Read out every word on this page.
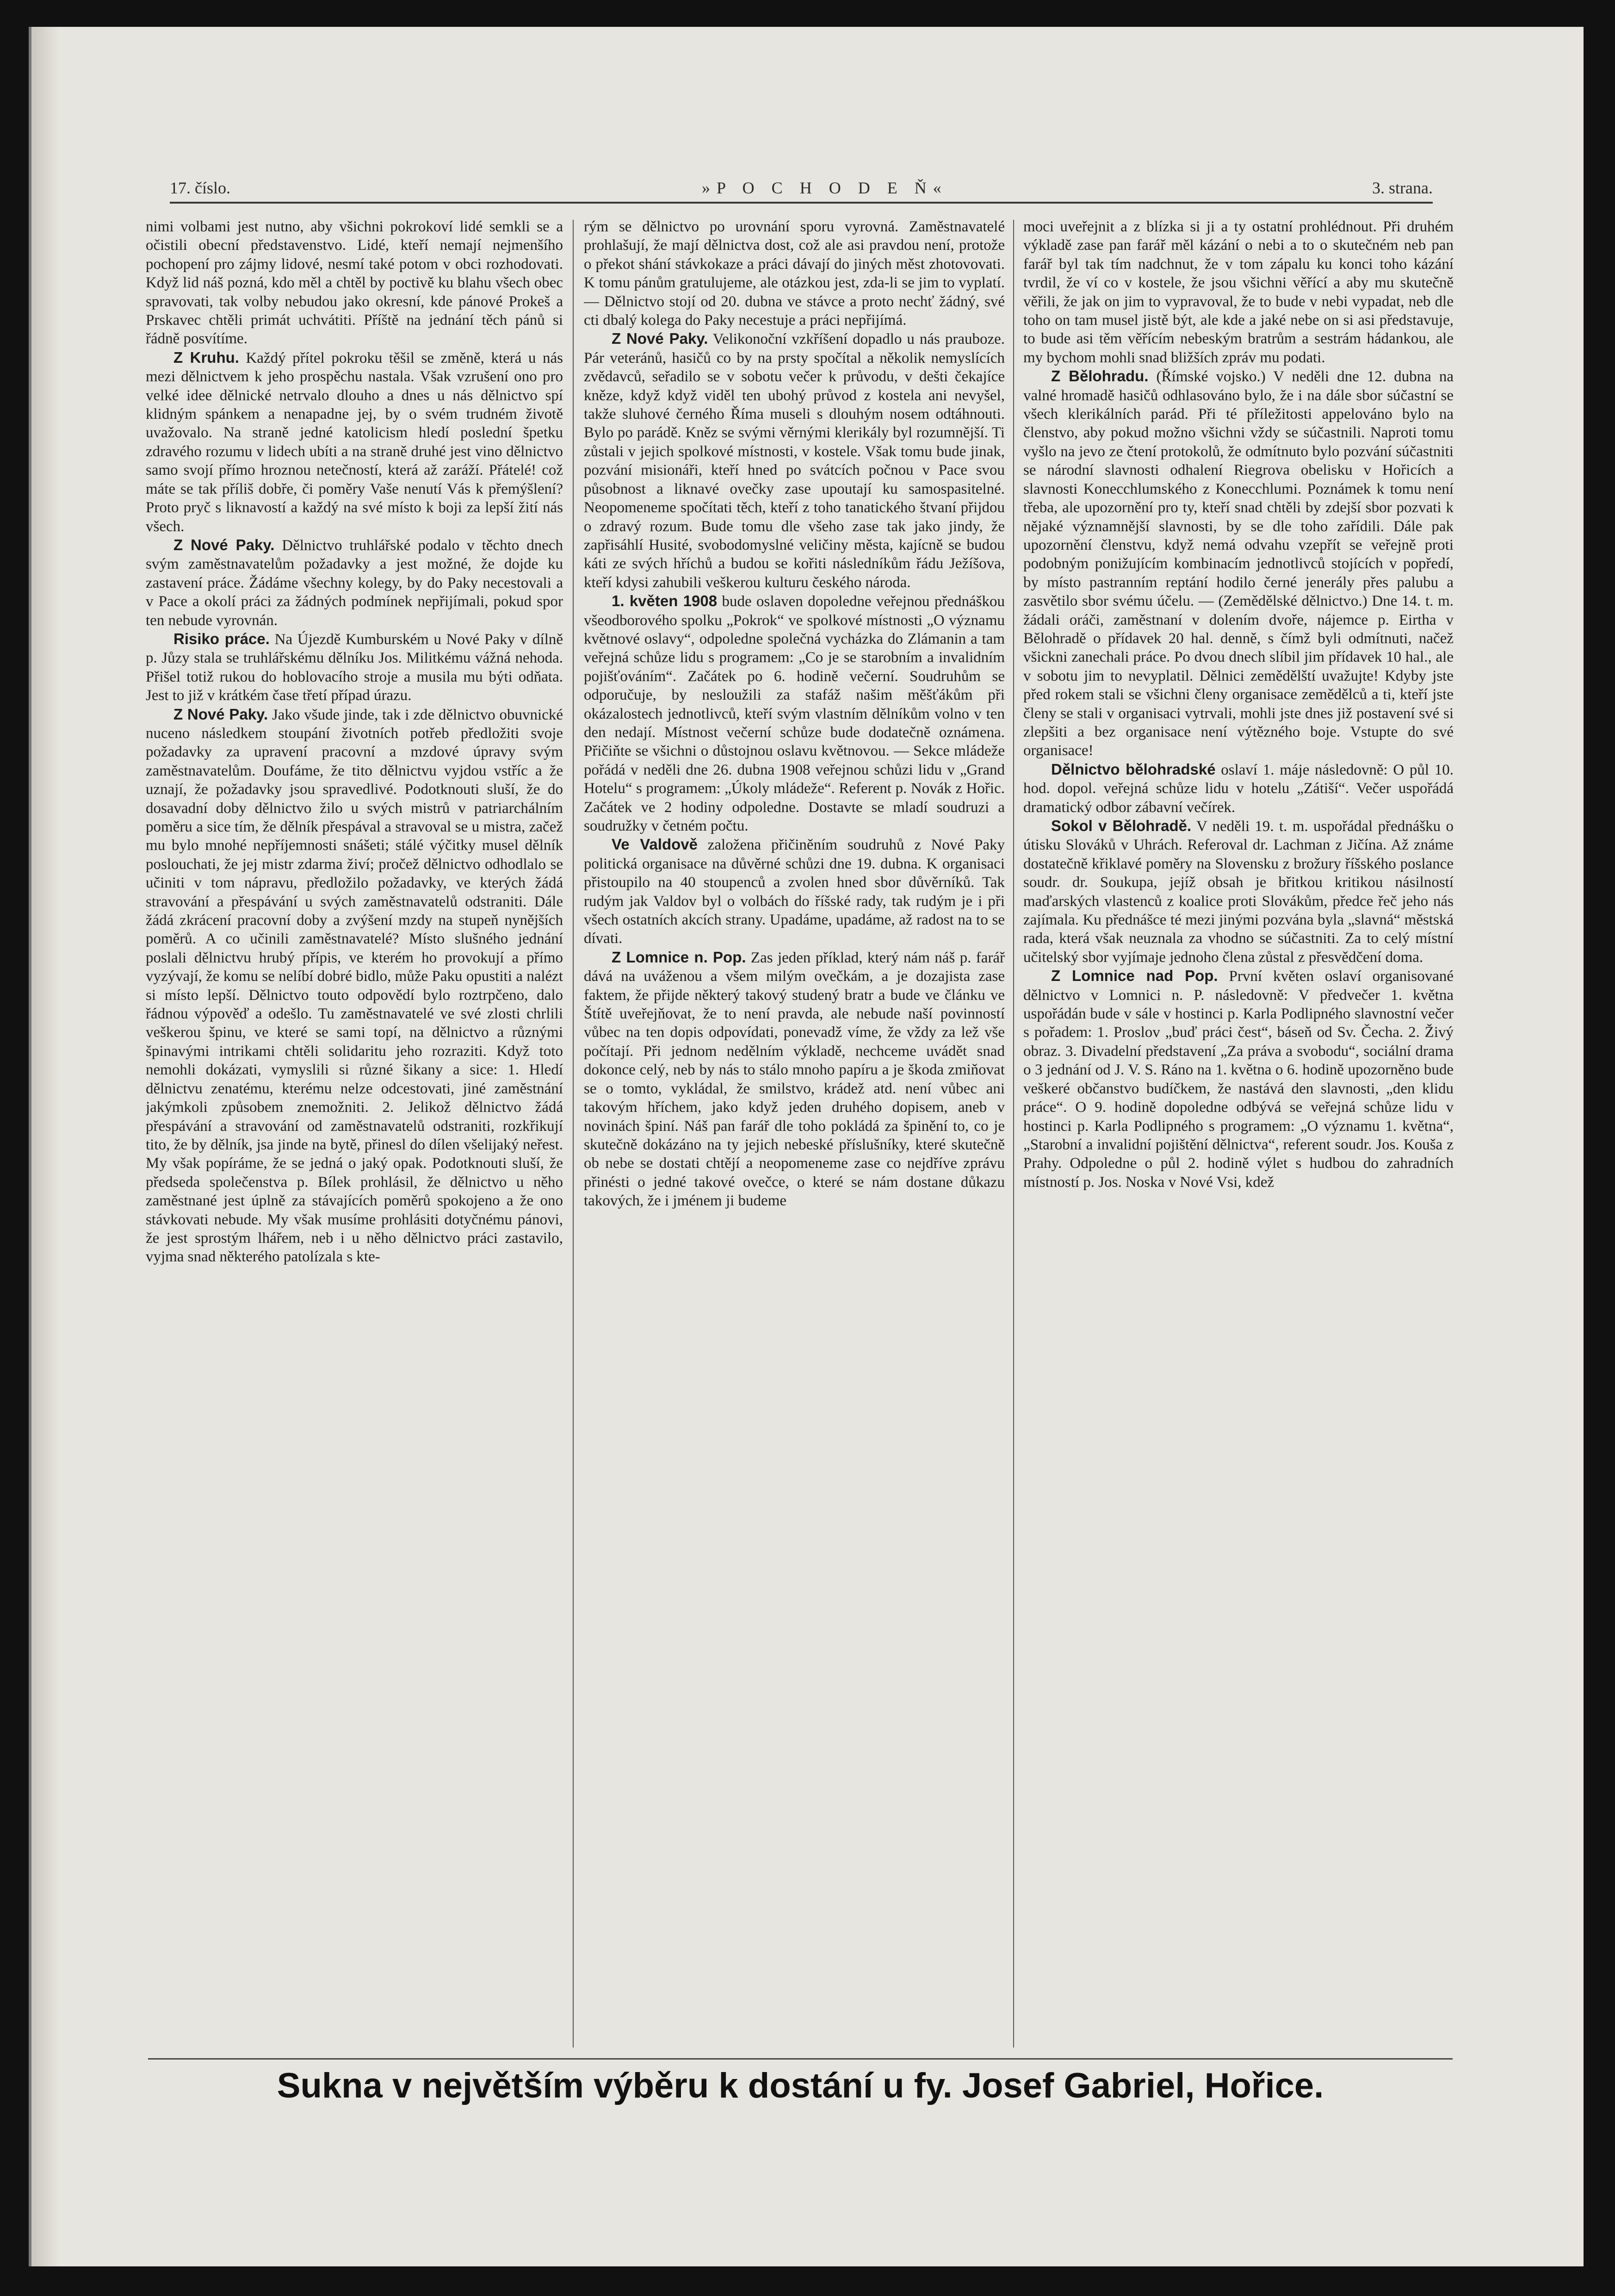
17. číslo.	»P O C H O D E Ň«	3. strana.

nimi volbami jest nutno, aby všichni pokrokoví lidé semkli se a očistili obecní představenstvo. Lidé, kteří nemají nejmenšího pochopení pro zájmy lidové, nesmí také potom v obci rozhodovati. Když lid náš pozná, kdo měl a chtěl by poctivě ku blahu všech obec spravovati, tak volby nebudou jako okresní, kde pánové Prokeš a Prskavec chtěli primát uchvátiti. Příště na jednání těch pánů si řádně posvítíme.

Z Kruhu. Každý přítel pokroku těšil se změně, která u nás mezi dělnictvem k jeho prospěchu nastala. Však vzrušení ono pro velké idee dělnické netrvalo dlouho a dnes u nás dělnictvo spí klidným spánkem a nenapadne jej, by o svém trudném životě uvažovalo. Na straně jedné katolicism hledí poslední špetku zdravého rozumu v lidech ubíti a na straně druhé jest vino dělnictvo samo svojí přímo hroznou netečností, která až zaráží. Přátelé! což máte se tak příliš dobře, či poměry Vaše nenutí Vás k přemýšlení? Proto pryč s liknavostí a každý na své místo k boji za lepší žití nás všech.

Z Nové Paky. Dělnictvo truhlářské podalo v těchto dnech svým zaměstnavatelům požadavky a jest možné, že dojde ku zastavení práce. Žádáme všechny kolegy, by do Paky necestovali a v Pace a okolí práci za žádných podmínek nepřijímali, pokud spor ten nebude vyrovnán.

Risiko práce. Na Újezdě Kumburském u Nové Paky v dílně p. Jůzy stala se truhlářskému dělníku Jos. Militkému vážná nehoda. Přišel totiž rukou do hoblovacího stroje a musila mu býti odňata. Jest to již v krátkém čase třetí případ úrazu.

Z Nové Paky. Jako všude jinde, tak i zde dělnictvo obuvnické nuceno následkem stoupání životních potřeb předložiti svoje požadavky za upravení pracovní a mzdové úpravy svým zaměstnavatelům. Doufáme, že tito dělnictvu vyjdou vstříc a že uznají, že požadavky jsou spravedlivé. Podotknouti sluší, že do dosavadní doby dělnictvo žilo u svých mistrů v patriarchálním poměru a sice tím, že dělník přespával a stravoval se u mistra, začež mu bylo mnohé nepříjemnosti snášeti; stálé výčitky musel dělník poslouchati, že jej mistr zdarma živí; pročež dělnictvo odhodlalo se učiniti v tom nápravu, předložilo požadavky, ve kterých žádá stravování a přespávání u svých zaměstnavatelů odstraniti. Dále žádá zkrácení pracovní doby a zvýšení mzdy na stupeň nynějších poměrů. A co učinili zaměstnavatelé? Místo slušného jednání poslali dělnictvu hrubý přípis, ve kterém ho provokují a přímo vyzývají, že komu se nelíbí dobré bidlo, může Paku opustiti a nalézt si místo lepší. Dělnictvo touto odpovědí bylo roztrpčeno, dalo řádnou výpověď a odešlo. Tu zaměstnavatelé ve své zlosti chrlili veškerou špinu, ve které se sami topí, na dělnictvo a různými špinavými intrikami chtěli solidaritu jeho rozraziti. Když toto nemohli dokázati, vymyslili si různé šikany a sice: 1. Hledí dělnictvu zenatému, kterému nelze odcestovati, jiné zaměstnání jakýmkoli způsobem znemožniti. 2. Jelikož dělnictvo žádá přespávání a stravování od zaměstnavatelů odstraniti, rozkřikují tito, že by dělník, jsa jinde na bytě, přinesl do dílen všelijaký neřest. My však popíráme, že se jedná o jaký opak. Podotknouti sluší, že předseda společenstva p. Bílek prohlásil, že dělnictvo u něho zaměstnané jest úplně za stávajících poměrů spokojeno a že ono stávkovati nebude. My však musíme prohlásiti dotyčnému pánovi, že jest sprostým lhářem, neb i u něho dělnictvo práci zastavilo, vyjma snad některého patolízala s kte-

rým se dělnictvo po urovnání sporu vyrovná. Zaměstnavatelé prohlašují, že mají dělnictva dost, což ale asi pravdou není, protože o překot shání stávkokaze a práci dávají do jiných měst zhotovovati. K tomu pánům gratulujeme, ale otázkou jest, zda-li se jim to vyplatí. — Dělnictvo stojí od 20. dubna ve stávce a proto nechť žádný, své cti dbalý kolega do Paky necestuje a práci nepřijímá.

Z Nové Paky. Velikonoční vzkříšení dopadlo u nás prauboze. Pár veteránů, hasičů co by na prsty spočítal a několik nemyslících zvědavců, seřadilo se v sobotu večer k průvodu, v dešti čekajíce kněze, když když viděl ten ubohý průvod z kostela ani nevyšel, takže sluhové černého Říma museli s dlouhým nosem odtáhnouti. Bylo po parádě. Kněz se svými věrnými klerikály byl rozumnější. Ti zůstali v jejich spolkové místnosti, v kostele. Však tomu bude jinak, pozvání misionáři, kteří hned po svátcích počnou v Pace svou působnost a liknavé ovečky zase upoutají ku samospasitelné. Neopomeneme spočítati těch, kteří z toho tanatického štvaní přijdou o zdravý rozum. Bude tomu dle všeho zase tak jako jindy, že zapřisáhlí Husité, svobodomyslné veličiny města, kajícně se budou káti ze svých hříchů a budou se kořiti následníkům řádu Ježíšova, kteří kdysi zahubili veškerou kulturu českého národa.

1. květen 1908 bude oslaven dopoledne veřejnou přednáškou všeodborového spolku „Pokrok“ ve spolkové místnosti „O významu květnové oslavy“, odpoledne společná vycházka do Zlámanin a tam veřejná schůze lidu s programem: „Co je se starobním a invalidním pojišťováním“. Začátek po 6. hodině večerní. Soudruhům se odporučuje, by nesloužili za stafáž našim měšťákům při okázalostech jednotlivců, kteří svým vlastním dělníkům volno v ten den nedají. Místnost večerní schůze bude dodatečně oznámena. Přičiňte se všichni o důstojnou oslavu květnovou. — Sekce mládeže pořádá v neděli dne 26. dubna 1908 veřejnou schůzi lidu v „Grand Hotelu“ s programem: „Úkoly mládeže“. Referent p. Novák z Hořic. Začátek ve 2 hodiny odpoledne. Dostavte se mladí soudruzi a soudružky v četném počtu.

Ve Valdově založena přičiněním soudruhů z Nové Paky politická organisace na důvěrné schůzi dne 19. dubna. K organisaci přistoupilo na 40 stoupenců a zvolen hned sbor důvěrníků. Tak rudým jak Valdov byl o volbách do říšské rady, tak rudým je i při všech ostatních akcích strany. Upadáme, upadáme, až radost na to se dívati.

Z Lomnice n. Pop. Zas jeden příklad, který nám náš p. farář dává na uváženou a všem milým ovečkám, a je dozajista zase faktem, že přijde některý takový studený bratr a bude ve článku ve Štítě uveřejňovat, že to není pravda, ale nebude naší povinností vůbec na ten dopis odpovídati, ponevadž víme, že vždy za lež vše počítají. Při jednom nedělním výkladě, nechceme uvádět snad dokonce celý, neb by nás to stálo mnoho papíru a je škoda zmiňovat se o tomto, vykládal, že smilstvo, krádež atd. není vůbec ani takovým hříchem, jako když jeden druhého dopisem, aneb v novinách špiní. Náš pan farář dle toho pokládá za špinění to, co je skutečně dokázáno na ty jejich nebeské příslušníky, které skutečně ob nebe se dostati chtějí a neopomeneme zase co nejdříve zprávu přinésti o jedné takové ovečce, o které se nám dostane důkazu takových, že i jménem ji budeme

moci uveřejnit a z blízka si ji a ty ostatní prohlédnout. Při druhém výkladě zase pan farář měl kázání o nebi a to o skutečném neb pan farář byl tak tím nadchnut, že v tom zápalu ku konci toho kázání tvrdil, že ví co v kostele, že jsou všichni věřící a aby mu skutečně věřili, že jak on jim to vypravoval, že to bude v nebi vypadat, neb dle toho on tam musel jistě být, ale kde a jaké nebe on si asi představuje, to bude asi těm věřícím nebeským bratrům a sestrám hádankou, ale my bychom mohli snad bližších zpráv mu podati.

Z Bělohradu. (Římské vojsko.) V neděli dne 12. dubna na valné hromadě hasičů odhlasováno bylo, že i na dále sbor súčastní se všech klerikálních parád. Při té příležitosti appelováno bylo na členstvo, aby pokud možno všichni vždy se súčastnili. Naproti tomu vyšlo na jevo ze čtení protokolů, že odmítnuto bylo pozvání súčastniti se národní slavnosti odhalení Riegrova obelisku v Hořicích a slavnosti Konecchlumského z Konecchlumi. Poznámek k tomu není třeba, ale upozornění pro ty, kteří snad chtěli by zdejší sbor pozvati k nějaké významnější slavnosti, by se dle toho zařídili. Dále pak upozornění členstvu, když nemá odvahu vzepřít se veřejně proti podobným ponižujícím kombinacím jednotlivců stojících v popředí, by místo pastranním reptání hodilo černé jenerály přes palubu a zasvětilo sbor svému účelu. — (Zemědělské dělnictvo.) Dne 14. t. m. žádali oráči, zaměstnaní v dolením dvoře, nájemce p. Eirtha v Bělohradě o přídavek 20 hal. denně, s čímž byli odmítnuti, načež všickni zanechali práce. Po dvou dnech slíbil jim přídavek 10 hal., ale v sobotu jim to nevyplatil. Dělnici zemědělští uvažujte! Kdyby jste před rokem stali se všichni členy organisace zemědělců a ti, kteří jste členy se stali v organisaci vytrvali, mohli jste dnes již postavení své si zlepšiti a bez organisace není výtězného boje. Vstupte do své organisace!

Dělnictvo bělohradské oslaví 1. máje následovně: O půl 10. hod. dopol. veřejná schůze lidu v hotelu „Zátiší“. Večer uspořádá dramatický odbor zábavní večírek.

Sokol v Bělohradě. V neděli 19. t. m. uspořádal přednášku o útisku Slováků v Uhrách. Referoval dr. Lachman z Jičína. Až známe dostatečně křiklavé poměry na Slovensku z brožury říšského poslance soudr. dr. Soukupa, jejíž obsah je břitkou kritikou násilností maďarských vlastenců z koalice proti Slovákům, předce řeč jeho nás zajímala. Ku přednášce té mezi jinými pozvána byla „slavná“ městská rada, která však neuznala za vhodno se súčastniti. Za to celý místní učitelský sbor vyjímaje jednoho člena zůstal z přesvědčení doma.

Z Lomnice nad Pop. První květen oslaví organisované dělnictvo v Lomnici n. P. následovně: V předvečer 1. května uspořádán bude v sále v hostinci p. Karla Podlipného slavnostní večer s pořadem: 1. Proslov „buď práci čest“, báseň od Sv. Čecha. 2. Živý obraz. 3. Divadelní představení „Za práva a svobodu“, sociální drama o 3 jednání od J. V. S. Ráno na 1. května o 6. hodině upozorněno bude veškeré občanstvo budíčkem, že nastává den slavnosti, „den klidu práce“. O 9. hodině dopoledne odbývá se veřejná schůze lidu v hostinci p. Karla Podlipného s programem: „O významu 1. května“, „Starobní a invalidní pojištění dělnictva“, referent soudr. Jos. Kouša z Prahy. Odpoledne o půl 2. hodině výlet s hudbou do zahradních místností p. Jos. Noska v Nové Vsi, kdež

Sukna v největším výběru k dostání u fy. Josef Gabriel, Hořice.
